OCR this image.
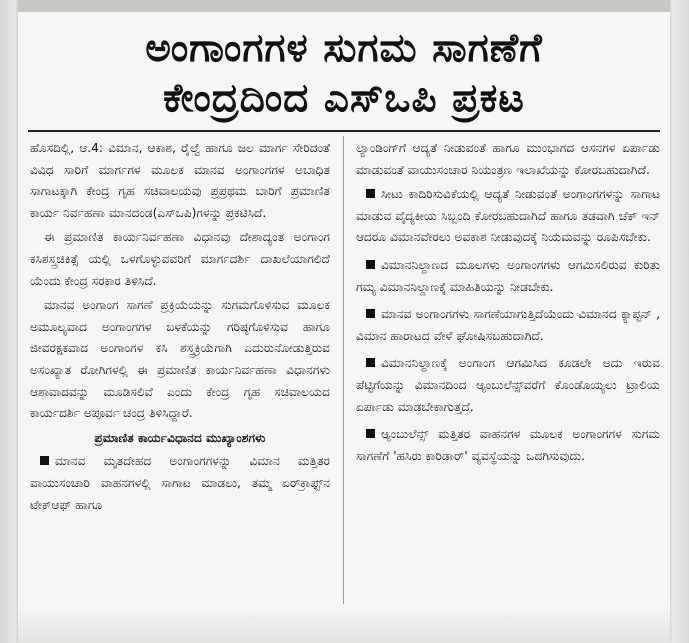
ಅಂಗಾಂಗಗಳ ಸುಗಮ ಸಾಗಣೆಗೆ
ಕೇಂದ್ರದಿಂದ ಎಸ್‌ಒಪಿ ಪ್ರಕಟ

ಹೊಸದಿಲ್ಲಿ, ಆ.4: ವಿಮಾನ, ಆಕಾಶ, ರೈಲ್ವೆ ಹಾಗೂ ಜಲ ಮಾರ್ಗ ಸೇರಿದಂತೆ ವಿವಿಧ ಸಾರಿಗೆ ಮಾರ್ಗಗಳ ಮೂಲಕ ಮಾನವ ಅಂಗಾಂಗಗಳ ಅಬಾಧಿತ ಸಾಗಾಟಕ್ಕಾಗಿ ಕೇಂದ್ರ ಗೃಹ ಸಚಿವಾಲಯವು ಪ್ರಪ್ರಥಮ ಬಾರಿಗೆ ಪ್ರಮಾಣಿತ ಕಾರ್ಯ ನಿರ್ವಹಣಾ ಮಾನದಂಡ(ಎಸ್‌ಒಪಿ)ಗಳನ್ನು ಪ್ರಕಟಿಸಿದೆ.

ಈ ಪ್ರಮಾಣಿತ ಕಾರ್ಯನಿರ್ವಹಣಾ ವಿಧಾನವು ದೇಶಾದ್ಯಂತ ಅಂಗಾಂಗ ಕಸಿಶಸ್ತ್ರಚಿಕಿತ್ಸೆ ಯಲ್ಲಿ ಒಳಗೊಳ್ಳುವವರಿಗೆ ಮಾರ್ಗದರ್ಶಿ ದಾಖಲೆಯಾಗಲಿದೆ ಯೆಂದು ಕೇಂದ್ರ ಸರಕಾರ ತಿಳಿಸಿದೆ.

ಮಾನವ ಅಂಗಾಂಗ ಸಾಗಣೆ ಪ್ರಕ್ರಿಯೆಯನ್ನು ಸುಗಮಗೊಳಿಸುವ ಮೂಲಕ ಅಮೂಲ್ಯವಾದ ಅಂಗಾಂಗಗಳ ಬಳಕೆಯನ್ನು ಗರಿಷ್ಠಗೊಳಿಸುವ ಹಾಗೂ ಜೀವರಕ್ಷಕವಾದ ಅಂಗಾಂಗಳ ಕಸಿ ಶಸ್ತ್ರಕ್ರಿಯೆಗಾಗಿ ಎದುರುನೋಡುತ್ತಿರುವ ಅಸಂಖ್ಯಾತ ರೋಗಿಗಳಲ್ಲಿ ಈ ಪ್ರಮಾಣಿತ ಕಾರ್ಯನಿರ್ವಹಣಾ ವಿಧಾನಗಳು ಆಶಾವಾದವನ್ನು ಮೂಡಿಸಲಿವೆ ಎಂದು ಕೇಂದ್ರ ಗೃಹ ಸಚಿವಾಲಯದ ಕಾರ್ಯದರ್ಶಿ ಅಪೂರ್ವ ಚಂದ್ರ ತಿಳಿಸಿದ್ದಾರೆ.

ಪ್ರಮಾಣಿತ ಕಾರ್ಯವಿಧಾನದ ಮುಖ್ಯಾಂಶಗಳು

ಮಾನವ ಮೃತದೇಹದ ಅಂಗಾಂಗಗಳನ್ನು ವಿಮಾನ ಮತ್ತಿತರ ವಾಯುಸಂಚಾರಿ ವಾಹನಗಳಲ್ಲಿ ಸಾಗಾಟ ಮಾಡಲು, ತಮ್ಮ ಏರ್‌ಕ್ರಾಫ್ಟ್‌ನ ಟೇಕ್‌ಆಫ್ ಹಾಗೂ

ಲ್ಯಾಂಡಿಂಗ್‌ಗೆ ಆದ್ಯತೆ ನೀಡುವಂತೆ ಹಾಗೂ ಮುಂಭಾಗದ ಆಸನಗಳ ಏರ್ಪಾಡು ಮಾಡುವಂತೆ ವಾಯುಸಂಚಾರ ನಿಯಂತ್ರಣ ಇಲಾಖೆಯನ್ನು ಕೋರಬಹುದಾಗಿದೆ.

ಸೀಟು ಕಾದಿರಿಸುವಿಕೆಯಲ್ಲಿ ಆದ್ಯತೆ ನೀಡುವಂತೆ ಅಂಗಾಂಗಗಳನ್ನು ಸಾಗಾಟ ಮಾಡುವ ವೈದ್ಯಕೀಯ ಸಿಬ್ಬಂದಿ ಕೋರಬಹುದಾಗಿದೆ ಹಾಗೂ ತಡವಾಗಿ ಚೆಕ್ ಇನ್ ಆದರೂ ವಿಮಾನವೇರಲು ಅವಕಾಶ ನೀಡುವುದಕ್ಕೆ ನಿಯಮವನ್ನು ರೂಪಿಸಬೇಕು.

ವಿಮಾನನಿಲ್ದಾಣದ ಮೂಲಗಳು ಅಂಗಾಂಗಗಳು ಆಗಮಿಸಲಿರುವ ಕುರಿತು ಗಮ್ಯ ವಿಮಾನನಿಲ್ದಾಣಕ್ಕೆ ಮಾಹಿತಿಯನ್ನು ನೀಡಬೇಕು.

ಮಾನವ ಅಂಗಾಂಗಗಳು ಸಾಗಣೆಯಾಗುತ್ತಿದೆಯೆಂದು ವಿಮಾನದ ಕ್ಯಾಪ್ಟನ್ , ವಿಮಾನ ಹಾರಾಟದ ವೇಳೆ ಘೋಷಿಸಬಹುದಾಗಿದೆ.

ವಿಮಾನನಿಲ್ದಾಣಕ್ಕೆ ಅಂಗಾಂಗ ಆಗಮಿಸಿದ ಕೂಡಲೇ ಅದು ಇರುವ ಪೆಟ್ಟಿಗೆಯನ್ನು ವಿಮಾನದಿಂದ ಆ್ಯಂಬುಲೆನ್ಸ್‌ವರೆಗೆ ಕೊಂಡೊಯ್ಯಲು ಟ್ರಾಲಿಯ ಏರ್ಪಾಡು ಮಾಡಬೇಕಾಗುತ್ತದೆ.

ಆ್ಯಂಬುಲೆನ್ಸ್ ಮತ್ತಿತರ ವಾಹನಗಳ ಮೂಲಕ ಅಂಗಾಂಗಗಳ ಸುಗಮ ಸಾಗಣೆಗೆ 'ಹಸಿರು ಕಾರಿಡಾರ್' ವ್ಯವಸ್ಥೆಯನ್ನು ಒದಗಿಸುವುದು.
